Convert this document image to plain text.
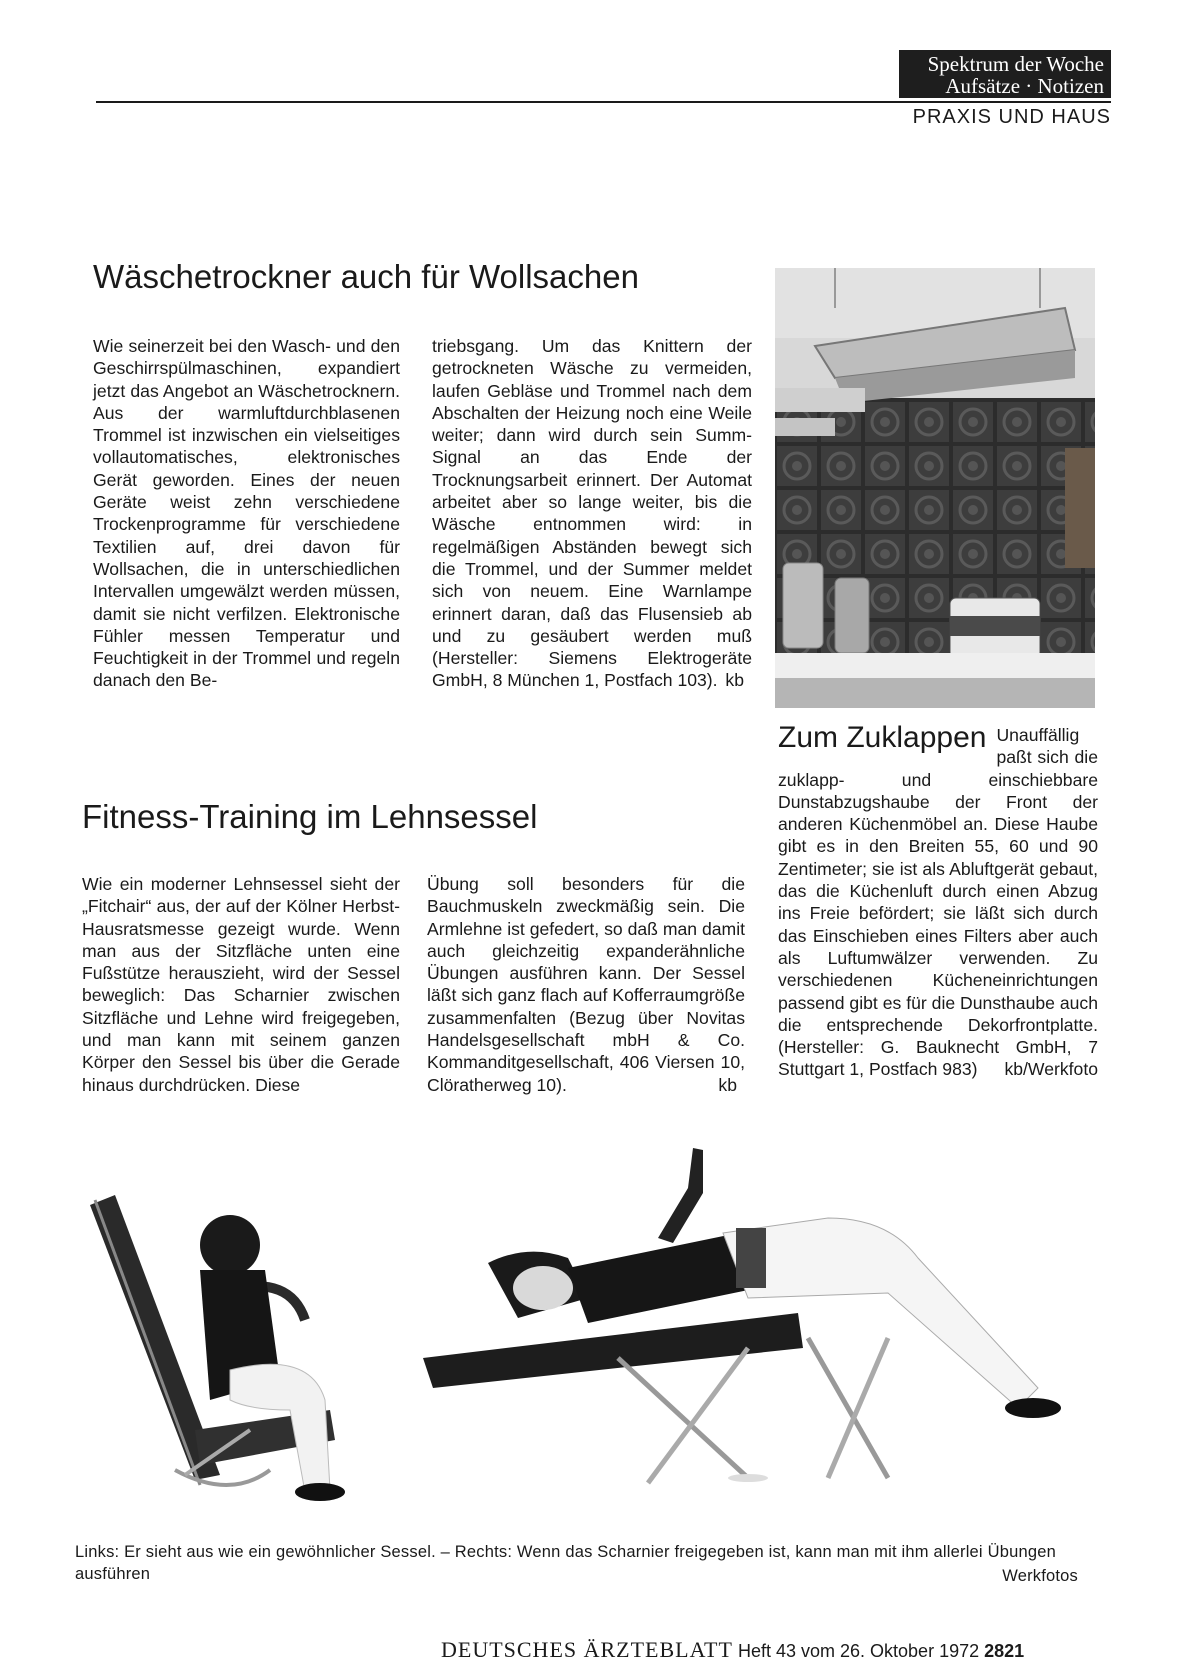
Spektrum der Woche
Aufsätze · Notizen
PRAXIS UND HAUS
Wäschetrockner auch für Wollsachen
Wie seinerzeit bei den Wasch- und den Geschirrspülmaschinen, expandiert jetzt das Angebot an Wäschetrocknern. Aus der warmluftdurchblasenen Trommel ist inzwischen ein vielseitiges vollautomatisches, elektronisches Gerät geworden. Eines der neuen Geräte weist zehn verschiedene Trockenprogramme für verschiedene Textilien auf, drei davon für Wollsachen, die in unterschiedlichen Intervallen umgewälzt werden müssen, damit sie nicht verfilzen. Elektronische Fühler messen Temperatur und Feuchtigkeit in der Trommel und regeln danach den Be-
triebsgang. Um das Knittern der getrockneten Wäsche zu vermeiden, laufen Gebläse und Trommel nach dem Abschalten der Heizung noch eine Weile weiter; dann wird durch sein Summ-Signal an das Ende der Trocknungsarbeit erinnert. Der Automat arbeitet aber so lange weiter, bis die Wäsche entnommen wird: in regelmäßigen Abständen bewegt sich die Trommel, und der Summer meldet sich von neuem. Eine Warnlampe erinnert daran, daß das Flusensieb ab und zu gesäubert werden muß (Hersteller: Siemens Elektrogeräte GmbH, 8 München 1, Postfach 103). kb
Zum Zuklappen Unauffällig paßt sich die zuklapp- und einschiebbare Dunstabzugshaube der Front der anderen Küchenmöbel an. Diese Haube gibt es in den Breiten 55, 60 und 90 Zentimeter; sie ist als Abluftgerät gebaut, das die Küchenluft durch einen Abzug ins Freie befördert; sie läßt sich durch das Einschieben eines Filters aber auch als Luftumwälzer verwenden. Zu verschiedenen Kücheneinrichtungen passend gibt es für die Dunsthaube auch die entsprechende Dekorfrontplatte. (Hersteller: G. Bauknecht GmbH, 7 Stuttgart 1, Postfach 983) kb/Werkfoto
Fitness-Training im Lehnsessel
Wie ein moderner Lehnsessel sieht der „Fitchair“ aus, der auf der Kölner Herbst-Hausratsmesse gezeigt wurde. Wenn man aus der Sitzfläche unten eine Fußstütze herauszieht, wird der Sessel beweglich: Das Scharnier zwischen Sitzfläche und Lehne wird freigegeben, und man kann mit seinem ganzen Körper den Sessel bis über die Gerade hinaus durchdrücken. Diese
Übung soll besonders für die Bauchmuskeln zweckmäßig sein. Die Armlehne ist gefedert, so daß man damit auch gleichzeitig expanderähnliche Übungen ausführen kann. Der Sessel läßt sich ganz flach auf Kofferraumgröße zusammenfalten (Bezug über Novitas Handelsgesellschaft mbH & Co. Kommanditgesellschaft, 406 Viersen 10, Clöratherweg 10).	kb
Links: Er sieht aus wie ein gewöhnlicher Sessel. – Rechts: Wenn das Scharnier freigegeben ist, kann man mit ihm allerlei Übungen ausführen	Werkfotos
DEUTSCHES ÄRZTEBLATT Heft 43 vom 26. Oktober 1972 2821
